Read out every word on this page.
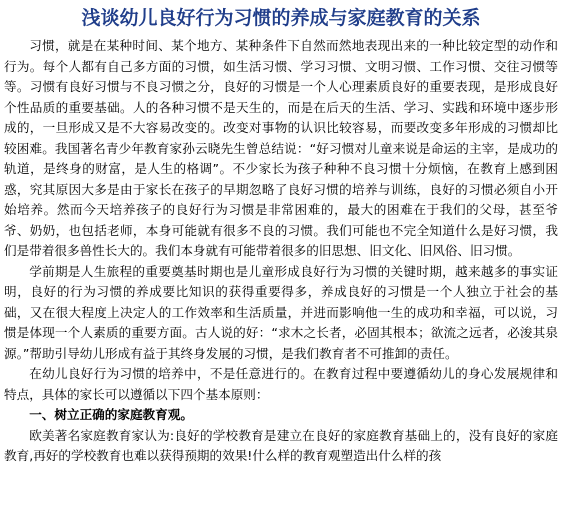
浅谈幼儿良好行为习惯的养成与家庭教育的关系

习惯，就是在某种时间、某个地方、某种条件下自然而然地表现出来的一种比较定型的动作和行为。每个人都有自己多方面的习惯，如生活习惯、学习习惯、文明习惯、工作习惯、交往习惯等等。习惯有良好习惯与不良习惯之分，良好的习惯是一个人心理素质良好的重要表现，是形成良好个性品质的重要基础。人的各种习惯不是天生的，而是在后天的生活、学习、实践和环境中逐步形成的，一旦形成又是不大容易改变的。改变对事物的认识比较容易，而要改变多年形成的习惯却比较困难。我国著名青少年教育家孙云晓先生曾总结说：“好习惯对儿童来说是命运的主宰，是成功的轨道，是终身的财富，是人生的格调”。不少家长为孩子种种不良习惯十分烦恼，在教育上感到困惑，究其原因大多是由于家长在孩子的早期忽略了良好习惯的培养与训练，良好的习惯必须自小开始培养。然而今天培养孩子的良好行为习惯是非常困难的，最大的困难在于我们的父母，甚至爷爷、奶奶，也包括老师，本身可能就有很多不良的习惯。我们可能也不完全知道什么是好习惯，我们是带着很多兽性长大的。我们本身就有可能带着很多的旧思想、旧文化、旧风俗、旧习惯。

学前期是人生旅程的重要奠基时期也是儿童形成良好行为习惯的关键时期，越来越多的事实证明，良好的行为习惯的养成要比知识的获得重要得多，养成良好的习惯是一个人独立于社会的基础，又在很大程度上决定人的工作效率和生活质量，并进而影响他一生的成功和幸福，可以说，习惯是体现一个人素质的重要方面。古人说的好：“求木之长者，必固其根本；欲流之远者，必浚其泉源。”帮助引导幼儿形成有益于其终身发展的习惯，是我们教育者不可推卸的责任。

在幼儿良好行为习惯的培养中，不是任意进行的。在教育过程中要遵循幼儿的身心发展规律和特点，具体的家长可以遵循以下四个基本原则：

一、树立正确的家庭教育观。

欧美著名家庭教育家认为:良好的学校教育是建立在良好的家庭教育基础上的，没有良好的家庭教育,再好的学校教育也难以获得预期的效果!什么样的教育观塑造出什么样的孩
